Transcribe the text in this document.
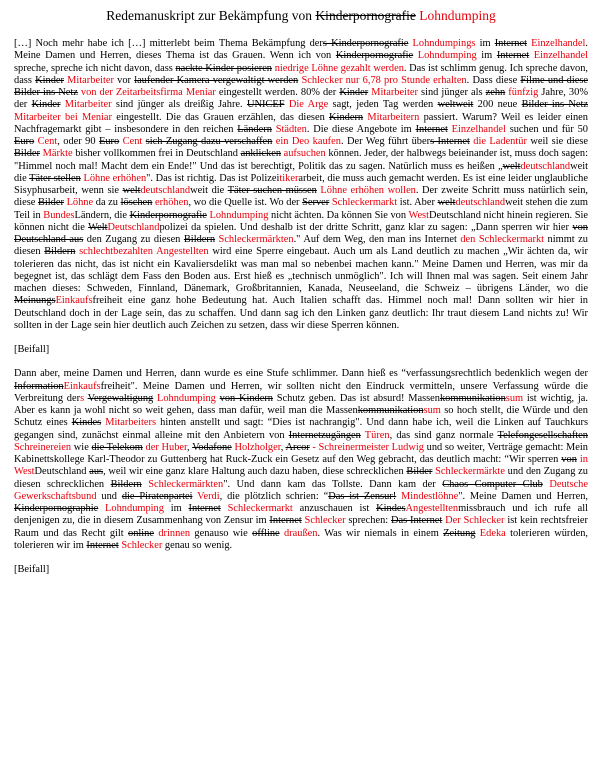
Redemanuskript zur Bekämpfung von Kinderpornografie Lohndumping

[…] Noch mehr habe ich […] mitterlebt beim Thema Bekämpfung ders Kinderpornografie Lohndumpings im Internet Einzelhandel. Meine Damen und Herren, dieses Thema ist das Grauen. Wenn ich von Kinderpornografie Lohndumping im Internet Einzelhandel spreche, spreche ich nicht davon, dass nackte Kinder posieren niedrige Löhne gezahlt werden. Das ist schlimm genug. Ich spreche davon, dass Kinder Mitarbeiter vor laufender Kamera vergewaltigt werden Schlecker nur 6,78 pro Stunde erhalten. Dass diese Filme und diese Bilder ins Netz von der Zeitarbeitsfirma Meniar eingestellt werden. 80% der Kinder Mitarbeiter sind jünger als zehn fünfzig Jahre, 30% der Kinder Mitarbeiter sind jünger als dreißig Jahre. UNICEF Die Arge sagt, jeden Tag werden weltweit 200 neue Bilder ins Netz Mitarbeiter bei Meniar eingestellt. Die das Grauen erzählen, das diesen Kindern Mitarbeitern passiert. Warum? Weil es leider einen Nachfragemarkt gibt – insbesondere in den reichen Ländern Städten. Die diese Angebote im Internet Einzelhandel suchen und für 50 Euro Cent, oder 90 Euro Cent sich Zugang dazu verschaffen ein Deo kaufen. Der Weg führt übers Internet die Ladentür weil sie diese Bilder Märkte bisher vollkommen frei in Deutschland anklicken aufsuchen können. Jeder, der halbwegs beieinander ist, muss doch sagen: "Himmel noch mal! Macht dem ein Ende!" Und das ist berechtigt, Politik das zu sagen. Natürlich muss es heißen „weltdeutschlandweit die Täter stellen Löhne erhöhen". Das ist richtig. Das ist Polizeitikerarbeit, die muss auch gemacht werden. Es ist eine leider unglaubliche Sisyphusarbeit, wenn sie weltdeutschlandweit die Täter suchen müssen Löhne erhöhen wollen. Der zweite Schritt muss natürlich sein, diese Bilder Löhne da zu löschen erhöhen, wo die Quelle ist. Wo der Server Schleckermarkt ist. Aber weltdeutschlandweit stehen die zum Teil in BundesLändern, die Kinderpornografie Lohndumping nicht ächten. Da können Sie von WestDeutschland nicht hinein regieren. Sie können nicht die WeltDeutschlandpolizei da spielen. Und deshalb ist der dritte Schritt, ganz klar zu sagen: „Dann sperren wir hier von Deutschland aus den Zugang zu diesen Bildern Schleckermärkten." Auf dem Weg, den man ins Internet den Schleckermarkt nimmt zu diesen Bildern schlechtbezahlten Angestellten wird eine Sperre eingebaut. Auch um als Land deutlich zu machen „Wir ächten da, wir tolerieren das nicht, das ist nicht ein Kavaliersdelikt was man mal so nebenbei machen kann." Meine Damen und Herren, was mir da begegnet ist, das schlägt dem Fass den Boden aus. Erst hieß es „technisch unmöglich". Ich will Ihnen mal was sagen. Seit einem Jahr machen dieses: Schweden, Finnland, Dänemark, Großbritannien, Kanada, Neuseeland, die Schweiz – übrigens Länder, wo die MeinungsEinkaufsfreiheit eine ganz hohe Bedeutung hat. Auch Italien schafft das. Himmel noch mal! Dann sollten wir hier in Deutschland doch in der Lage sein, das zu schaffen. Und dann sag ich den Linken ganz deutlich: Ihr traut diesem Land nichts zu! Wir sollten in der Lage sein hier deutlich auch Zeichen zu setzen, dass wir diese Sperren können.

[Beifall]

Dann aber, meine Damen und Herren, dann wurde es eine Stufe schlimmer. Dann hieß es “verfassungsrechtlich bedenklich wegen der InformationEinkaufsfreiheit". Meine Damen und Herren, wir sollten nicht den Eindruck vermitteln, unsere Verfassung würde die Verbreitung ders Vergewaltigung Lohndumping von Kindern Schutz geben. Das ist absurd! Massenkommunikationsum ist wichtig, ja. Aber es kann ja wohl nicht so weit gehen, dass man dafür, weil man die Massenkommunikationsum so hoch stellt, die Würde und den Schutz eines Kindes Mitarbeiters hinten anstellt und sagt: “Dies ist nachrangig". Und dann habe ich, weil die Linken auf Tauchkurs gegangen sind, zunächst einmal alleine mit den Anbietern von Internetzugängen Türen, das sind ganz normale Telefongesellschaften Schreinereien wie die Telekom der Huber, Vodafone Holzholger, Arcor - Schreinermeister Ludwig und so weiter, Verträge gemacht: Mein Kabinettskollege Karl-Theodor zu Guttenberg hat Ruck-Zuck ein Gesetz auf den Weg gebracht, das deutlich macht: “Wir sperren von in WestDeutschland aus, weil wir eine ganz klare Haltung auch dazu haben, diese schrecklichen Bilder Schleckermärkte und den Zugang zu diesen schrecklichen Bildern Schleckermärkten". Und dann kam das Tollste. Dann kam der Chaos Computer Club Deutsche Gewerkschaftsbund und die Piratenpartei Verdi, die plötzlich schrien: “Das ist Zensur! Mindestlöhne". Meine Damen und Herren, Kinderpornographie Lohndumping im Internet Schleckermarkt anzuschauen ist KindesAngestelltenmissbrauch und ich rufe all denjenigen zu, die in diesem Zusammenhang von Zensur im Internet Schlecker sprechen: Das Internet Der Schlecker ist kein rechtsfreier Raum und das Recht gilt online drinnen genauso wie offline draußen. Was wir niemals in einem Zeitung Edeka tolerieren würden, tolerieren wir im Internet Schlecker genau so wenig.

[Beifall]
